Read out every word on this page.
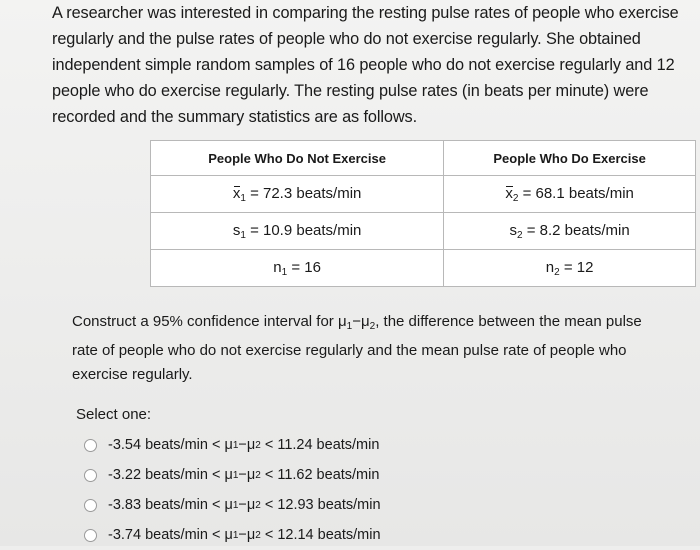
A researcher was interested in comparing the resting pulse rates of people who exercise

regularly and the pulse rates of people who do not exercise regularly. She obtained

independent simple random samples of 16 people who do not exercise regularly and 12

people who do exercise regularly. The resting pulse rates (in beats per minute) were

recorded and the summary statistics are as follows.

People Who Do Not Exercise	People Who Do Exercise
$x_1 = 72.3$ beats/min	$x_2 = 68.1$ beats/min
$s_1 = 10.9$ beats/min	$s_2 = 8.2$ beats/min
$n_1 = 16$	$n_2 = 12$

Construct a 95% confidence interval for $\mu_1-\mu_2$, the difference between the mean pulse

rate of people who do not exercise regularly and the mean pulse rate of people who

exercise regularly.

Select one:
-3.54 beats/min <
μ 1 − μ 2
< 11.24 beats/min
-3.22 beats/min <
μ 1 − μ 2
< 11.62 beats/min
-3.83 beats/min <
μ 1 − μ 2
< 12.93 beats/min
-3.74 beats/min <
μ 1 − μ 2
< 12.14 beats/min
